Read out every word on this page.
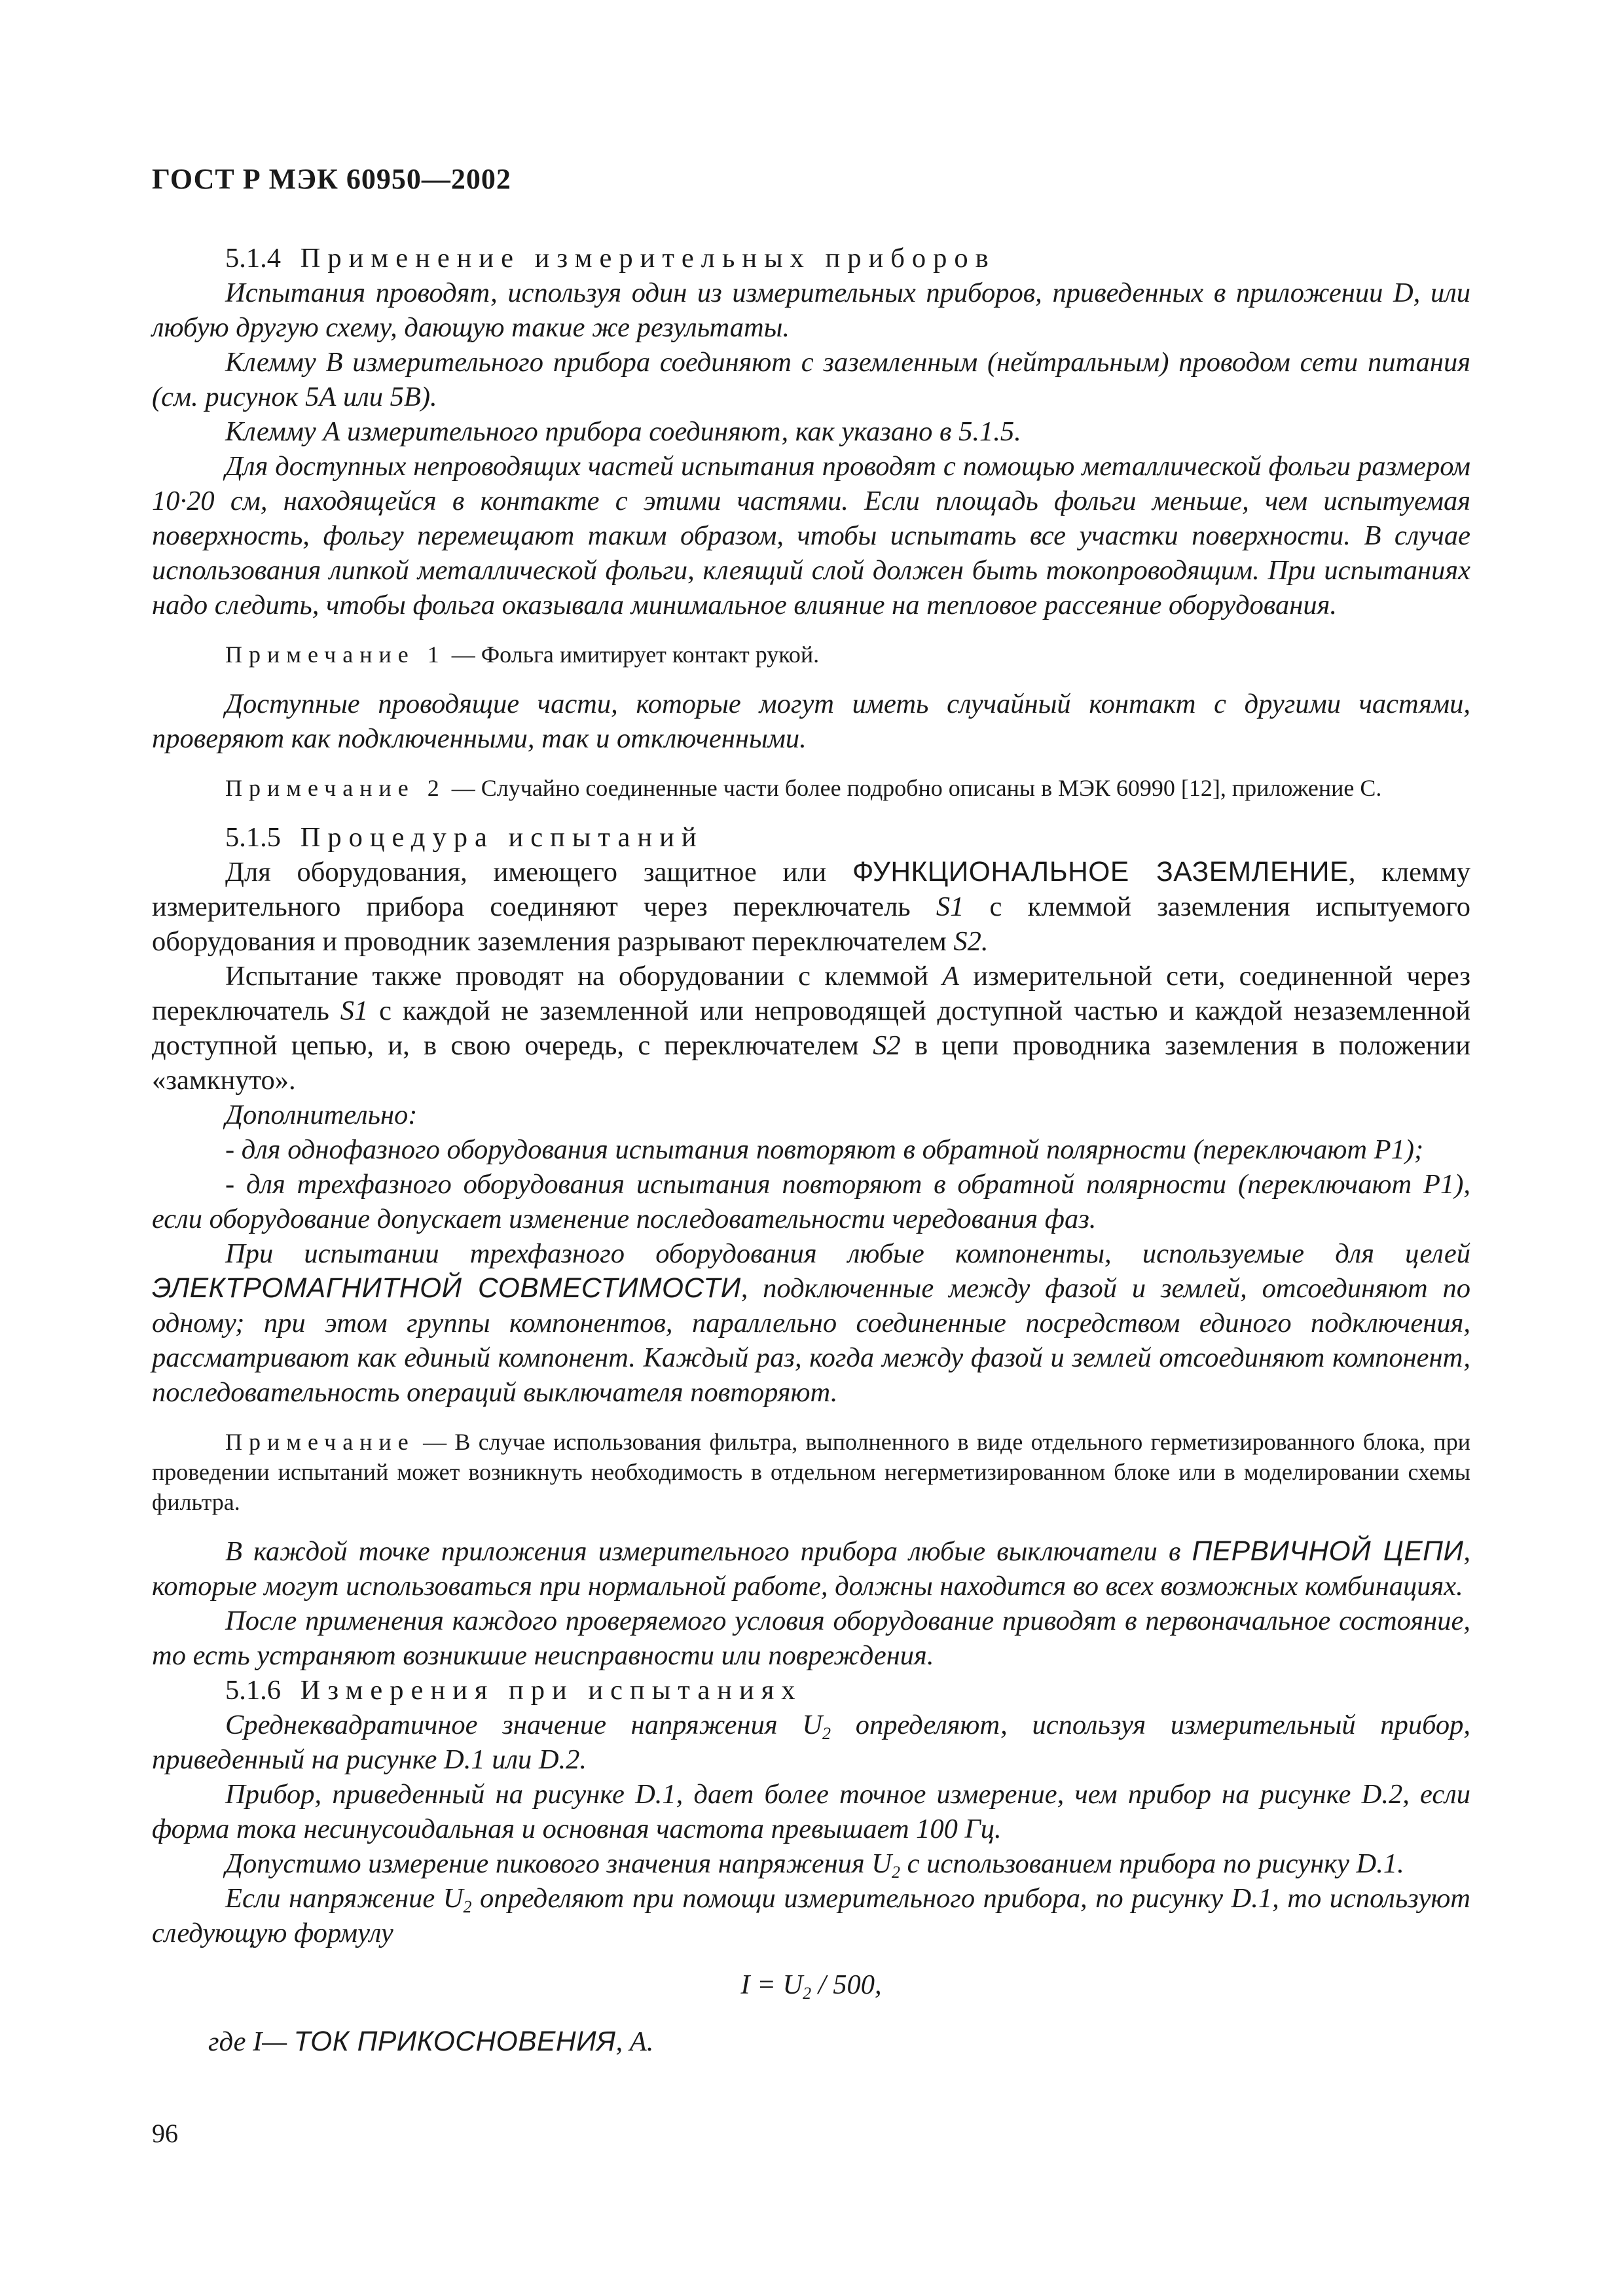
ГОСТ Р МЭК 60950—2002

5.1.4 Применение измерительных приборов

Испытания проводят, используя один из измерительных приборов, приведенных в приложении D, или любую другую схему, дающую такие же результаты.

Клемму В измерительного прибора соединяют с заземленным (нейтральным) проводом сети питания (см. рисунок 5А или 5В).

Клемму А измерительного прибора соединяют, как указано в 5.1.5.

Для доступных непроводящих частей испытания проводят с помощью металлической фольги размером 10·20 см, находящейся в контакте с этими частями. Если площадь фольги меньше, чем испытуемая поверхность, фольгу перемещают таким образом, чтобы испытать все участки поверхности. В случае использования липкой металлической фольги, клеящий слой должен быть токопроводящим. При испытаниях надо следить, чтобы фольга оказывала минимальное влияние на тепловое рассеяние оборудования.

Примечание 1 — Фольга имитирует контакт рукой.

Доступные проводящие части, которые могут иметь случайный контакт с другими частями, проверяют как подключенными, так и отключенными.

Примечание 2 — Случайно соединенные части более подробно описаны в МЭК 60990 [12], приложение С.

5.1.5 Процедура испытаний

Для оборудования, имеющего защитное или ФУНКЦИОНАЛЬНОЕ ЗАЗЕМЛЕНИЕ, клемму измерительного прибора соединяют через переключатель S1 с клеммой заземления испытуемого оборудования и проводник заземления разрывают переключателем S2.

Испытание также проводят на оборудовании с клеммой А измерительной сети, соединенной через переключатель S1 с каждой не заземленной или непроводящей доступной частью и каждой незаземленной доступной цепью, и, в свою очередь, с переключателем S2 в цепи проводника заземления в положении «замкнуто».

Дополнительно:

- для однофазного оборудования испытания повторяют в обратной полярности (переключают Р1);

- для трехфазного оборудования испытания повторяют в обратной полярности (переключают Р1), если оборудование допускает изменение последовательности чередования фаз.

При испытании трехфазного оборудования любые компоненты, используемые для целей ЭЛЕКТРОМАГНИТНОЙ СОВМЕСТИМОСТИ, подключенные между фазой и землей, отсоединяют по одному; при этом группы компонентов, параллельно соединенные посредством единого подключения, рассматривают как единый компонент. Каждый раз, когда между фазой и землей отсоединяют компонент, последовательность операций выключателя повторяют.

Примечание — В случае использования фильтра, выполненного в виде отдельного герметизированного блока, при проведении испытаний может возникнуть необходимость в отдельном негерметизированном блоке или в моделировании схемы фильтра.

В каждой точке приложения измерительного прибора любые выключатели в ПЕРВИЧНОЙ ЦЕПИ, которые могут использоваться при нормальной работе, должны находится во всех возможных комбинациях.

После применения каждого проверяемого условия оборудование приводят в первоначальное состояние, то есть устраняют возникшие неисправности или повреждения.

5.1.6 Измерения при испытаниях

Среднеквадратичное значение напряжения $U_2$ определяют, используя измерительный прибор, приведенный на рисунке D.1 или D.2.

Прибор, приведенный на рисунке D.1, дает более точное измерение, чем прибор на рисунке D.2, если форма тока несинусоидальная и основная частота превышает 100 Гц.

Допустимо измерение пикового значения напряжения $U_2$ с использованием прибора по рисунку D.1.

Если напряжение $U_2$ определяют при помощи измерительного прибора, по рисунку D.1, то используют следующую формулу

$I = U_2 / 500$,

где I— ТОК ПРИКОСНОВЕНИЯ, А.

96
